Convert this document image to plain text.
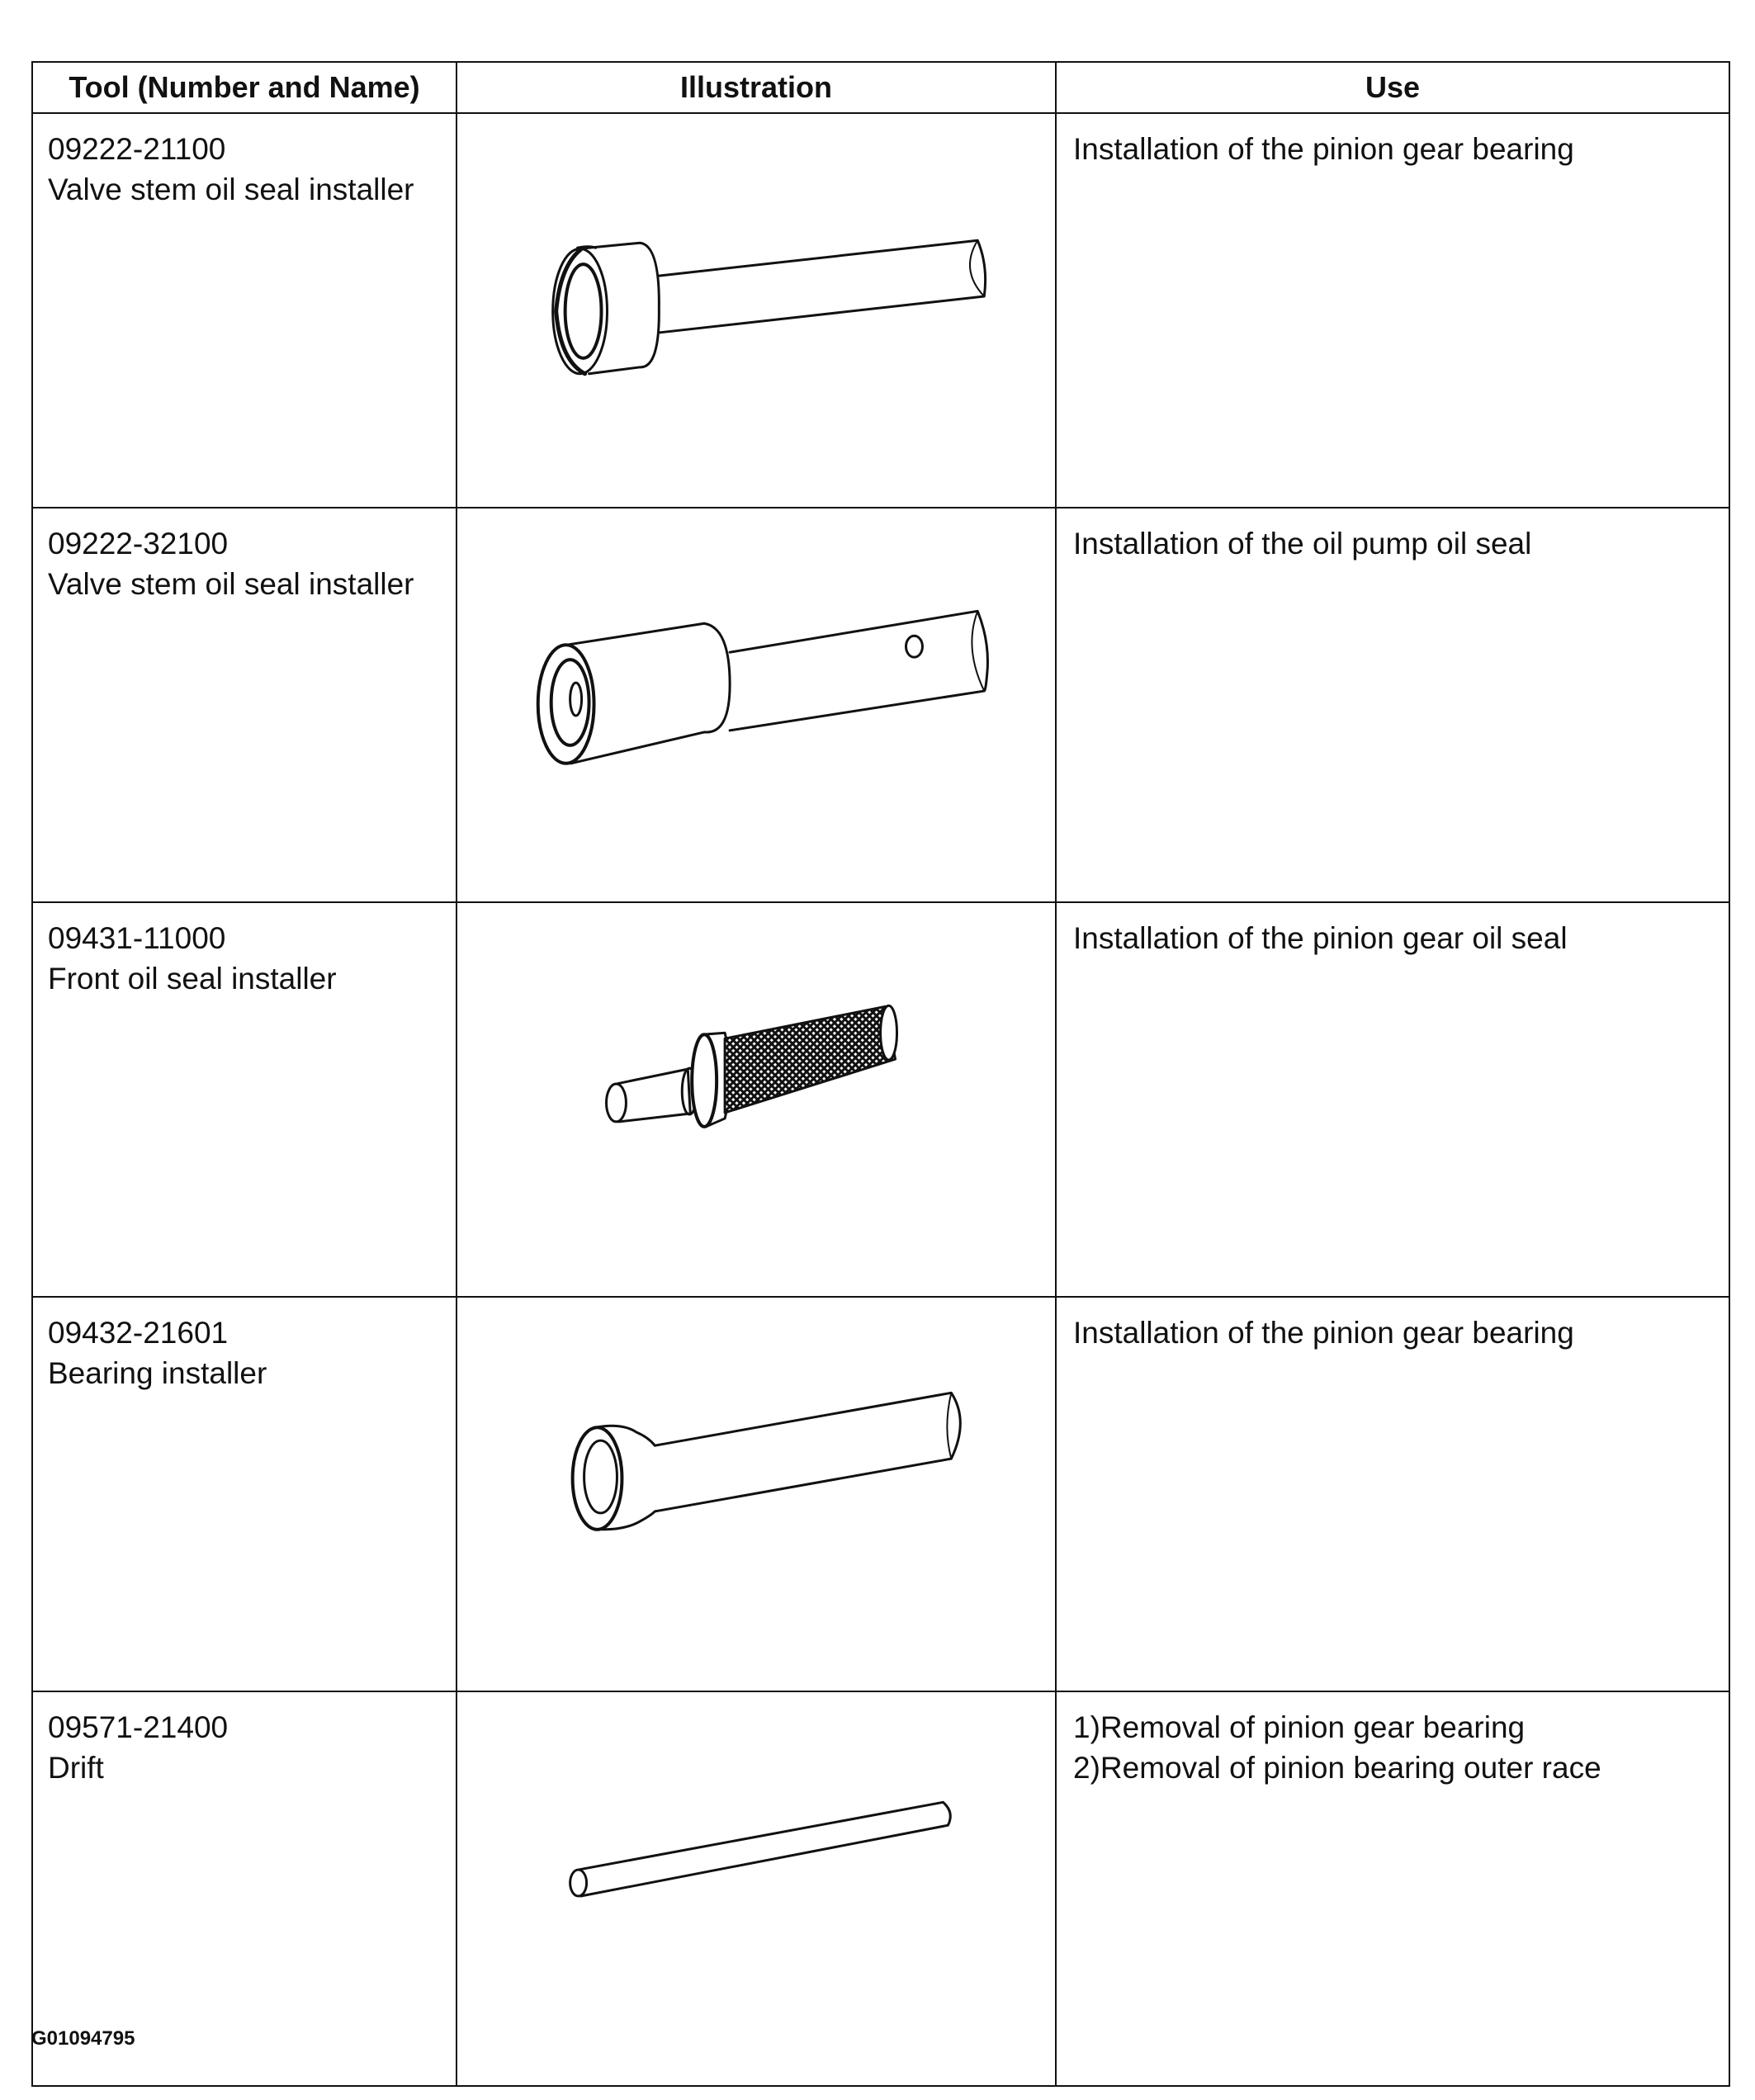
Tool (Number and Name)	Illustration	Use

09222-21100
Valve stem oil seal installer		Installation of the pinion gear bearing

09222-32100
Valve stem oil seal installer		Installation of the oil pump oil seal

09431-11000
Front oil seal installer		Installation of the pinion gear oil seal

09432-21601
Bearing installer		Installation of the pinion gear bearing

09571-21400
Drift		1)Removal of pinion gear bearing
2)Removal of pinion bearing outer race
G01094795
